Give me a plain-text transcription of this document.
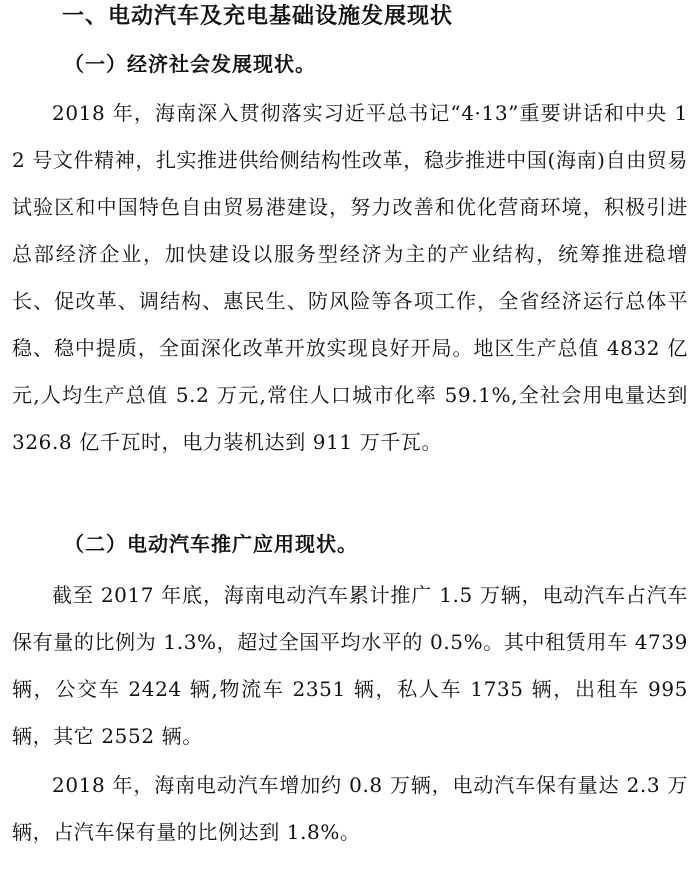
一、电动汽车及充电基础设施发展现状
（一）经济社会发展现状。
2018 年，海南深入贯彻落实习近平总书记“4·13”重要讲话和中央 12 号文件精神，扎实推进供给侧结构性改革，稳步推进中国(海南)自由贸易试验区和中国特色自由贸易港建设，努力改善和优化营商环境，积极引进总部经济企业，加快建设以服务型经济为主的产业结构，统筹推进稳增长、促改革、调结构、惠民生、防风险等各项工作，全省经济运行总体平稳、稳中提质，全面深化改革开放实现良好开局。地区生产总值 4832 亿元,人均生产总值 5.2 万元,常住人口城市化率 59.1%,全社会用电量达到 326.8 亿千瓦时，电力装机达到 911 万千瓦。
（二）电动汽车推广应用现状。
截至 2017 年底，海南电动汽车累计推广 1.5 万辆，电动汽车占汽车保有量的比例为 1.3%，超过全国平均水平的 0.5%。其中租赁用车 4739 辆，公交车 2424 辆,物流车 2351 辆，私人车 1735 辆，出租车 995 辆，其它 2552 辆。
2018 年，海南电动汽车增加约 0.8 万辆，电动汽车保有量达 2.3 万辆，占汽车保有量的比例达到 1.8%。
